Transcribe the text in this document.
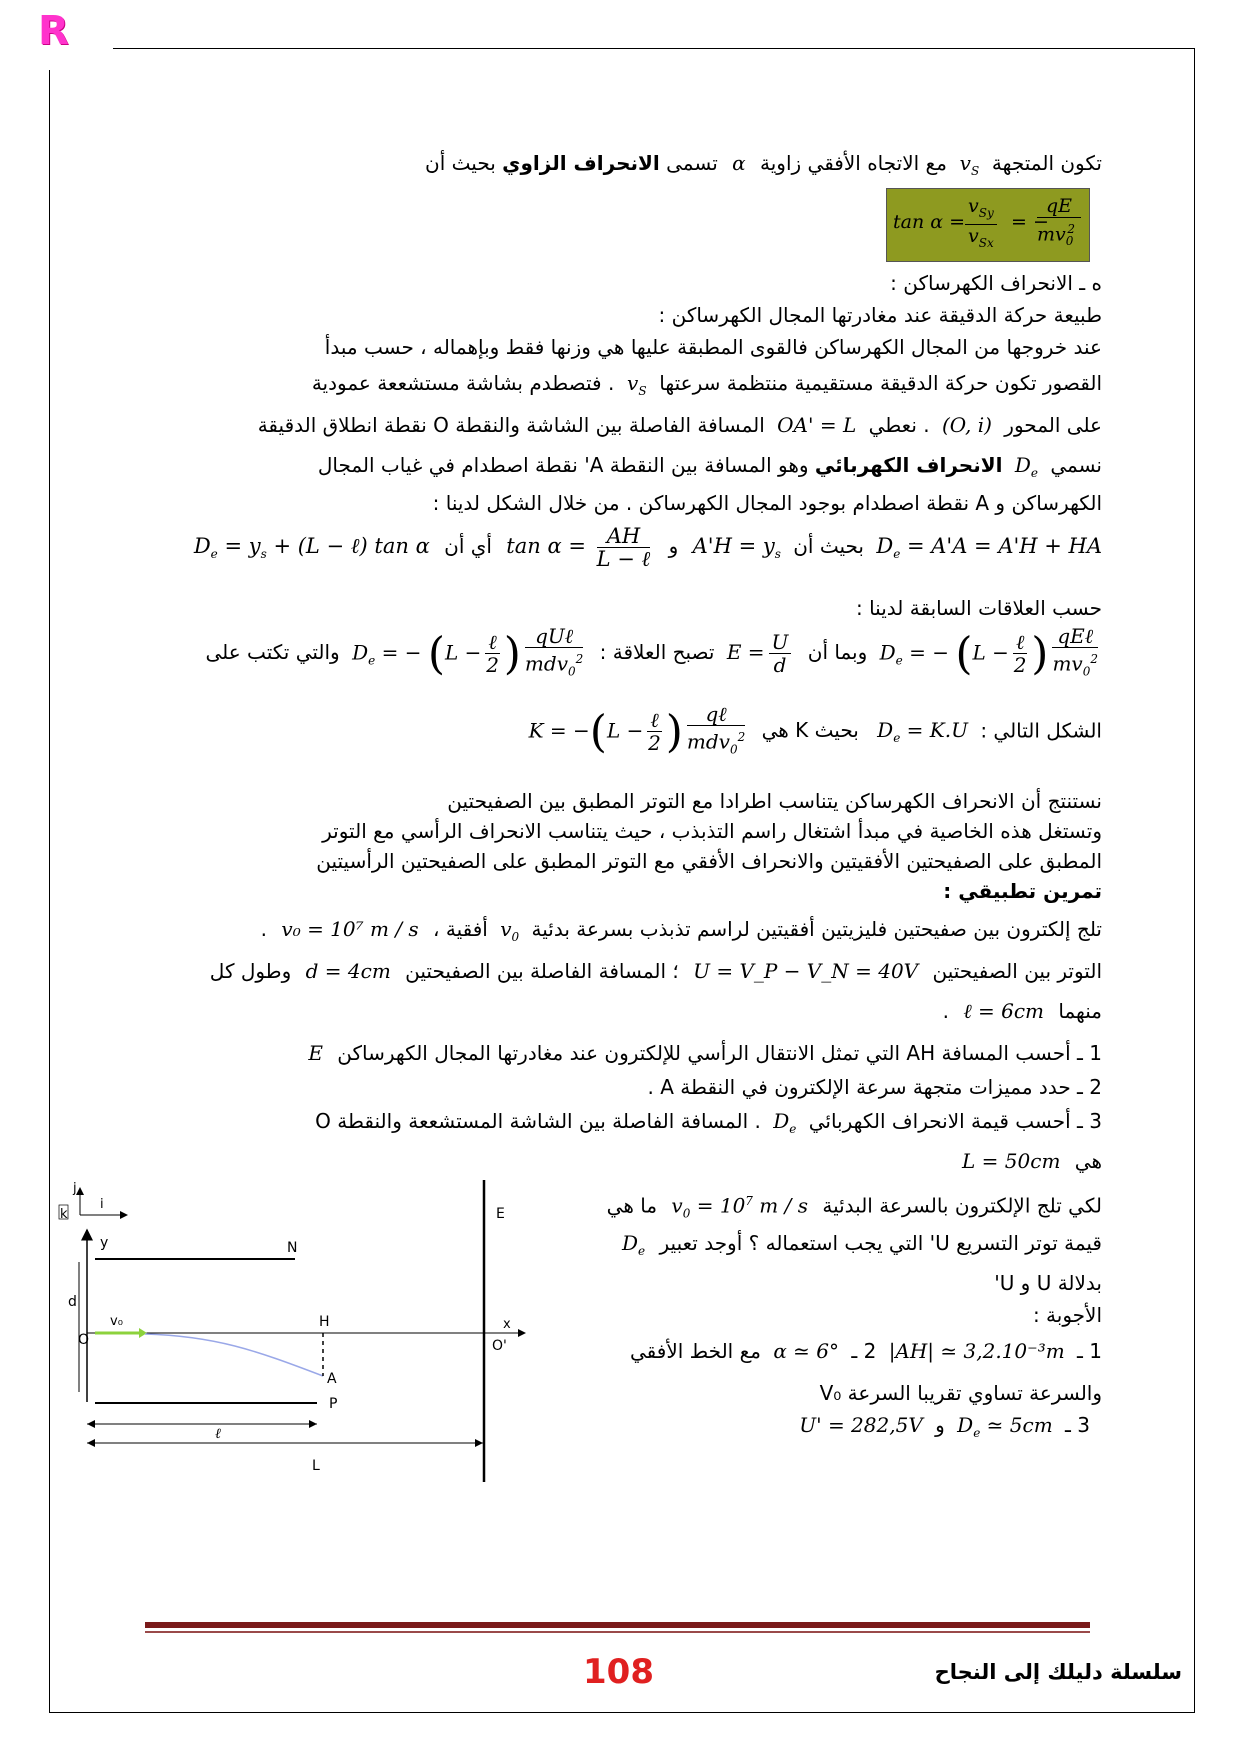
R
تكون المتجهة  $v_S$  مع الاتجاه الأفقي زاوية α تسمى الانحراف الزاوي بحيث أن
tan α =
$v_{Sy}$
$v_{Sx}$
= −
$\frac{qE}{mv_0^2}$
ه ـ الانحراف الكهرساكن :
طبيعة حركة الدقيقة عند مغادرتها المجال الكهرساكن :
عند خروجها من المجال الكهرساكن فالقوى المطبقة عليها هي وزنها فقط وبإهماله ، حسب مبدأ
القصور تكون حركة الدقيقة مستقيمية منتظمة سرعتها  $v_S$  . فتصطدم بشاشة مستشععة عمودية
على المحور (O, i) . نعطي OA' = L المسافة الفاصلة بين الشاشة والنقطة O نقطة انطلاق الدقيقة
نسمي $D_e$ الانحراف الكهربائي وهو المسافة بين النقطة A' نقطة اصطدام في غياب المجال
الكهرساكن و A نقطة اصطدام بوجود المجال الكهرساكن . من خلال الشكل لدينا :
$D_e = A'A = A'H$ + HA بحيث أن $A'H = y_s$ و $\tan \alpha = \frac{AH}{\text{L − ℓ}}$
أي أن $D_e = y_s + (L$ − ℓ) tan α
حسب العلاقات السابقة لدينا :
$D_e$ = − ($L - \frac{\text{ℓ}}{2}$ ) $\frac{\text{qEℓ}}{mv_0^2}$
وبما أن $E = \frac{U}{d}$
تصبح العلاقة : $D_e$ = − ($L - \frac{\text{ℓ}}{2}$ ) $\frac{\text{qUℓ}}{mdv_0^2}$
والتي تكتب على
الشكل التالي : $D_e = K.U$ بحيث K هي $K = -(L - \frac{\text{ℓ}}{2}$ ) $\frac{\text{qℓ}}{mdv_0^2}$
نستنتج أن الانحراف الكهرساكن يتناسب اطرادا مع التوتر المطبق بين الصفيحتين
وتستغل هذه الخاصية في مبدأ اشتغال راسم التذبذب ، حيث يتناسب الانحراف الرأسي مع التوتر
المطبق على الصفيحتين الأفقيتين والانحراف الأفقي مع التوتر المطبق على الصفيحتين الرأسيتين
تمرين تطبيقي :
تلج إلكترون بين صفيحتين فليزيتين أفقيتين لراسم تذبذب بسرعة بدئية $v_0$ أفقية ، v₀ = 10⁷ m / s .
التوتر بين الصفيحتين U = V_P − V_N = 40V ؛ المسافة الفاصلة بين الصفيحتين d = 4cm وطول كل
منهما ℓ = 6cm .
1 ـ أحسب المسافة AH التي تمثل الانتقال الرأسي للإلكترون عند مغادرتها المجال الكهرساكن E
2 ـ حدد مميزات متجهة سرعة الإلكترون في النقطة A .
3 ـ أحسب قيمة الانحراف الكهربائي $D_e$ . المسافة الفاصلة بين الشاشة المستشععة والنقطة O
هي L = 50cm
لكي تلج الإلكترون بالسرعة البدئية $v_0 = 10^7$ m / s ما هي
قيمة توتر التسريع U' التي يجب استعماله ؟ أوجد تعبير $D_e$
بدلالة U و U'
الأجوبة :
1 ـ |AH| ≃ 3,2.10⁻³m 2 ـ α ≃ 6° مع الخط الأفقي
والسرعة تساوي تقريبا السرعة V₀
3 ـ $D_e$ ≃ 5cm و U' = 282,5V
j
i
k
y	N
d
O
x
v₀	H
A
P
E
O'
ℓ
L
108	سلسلة دليلك إلى النجاح
